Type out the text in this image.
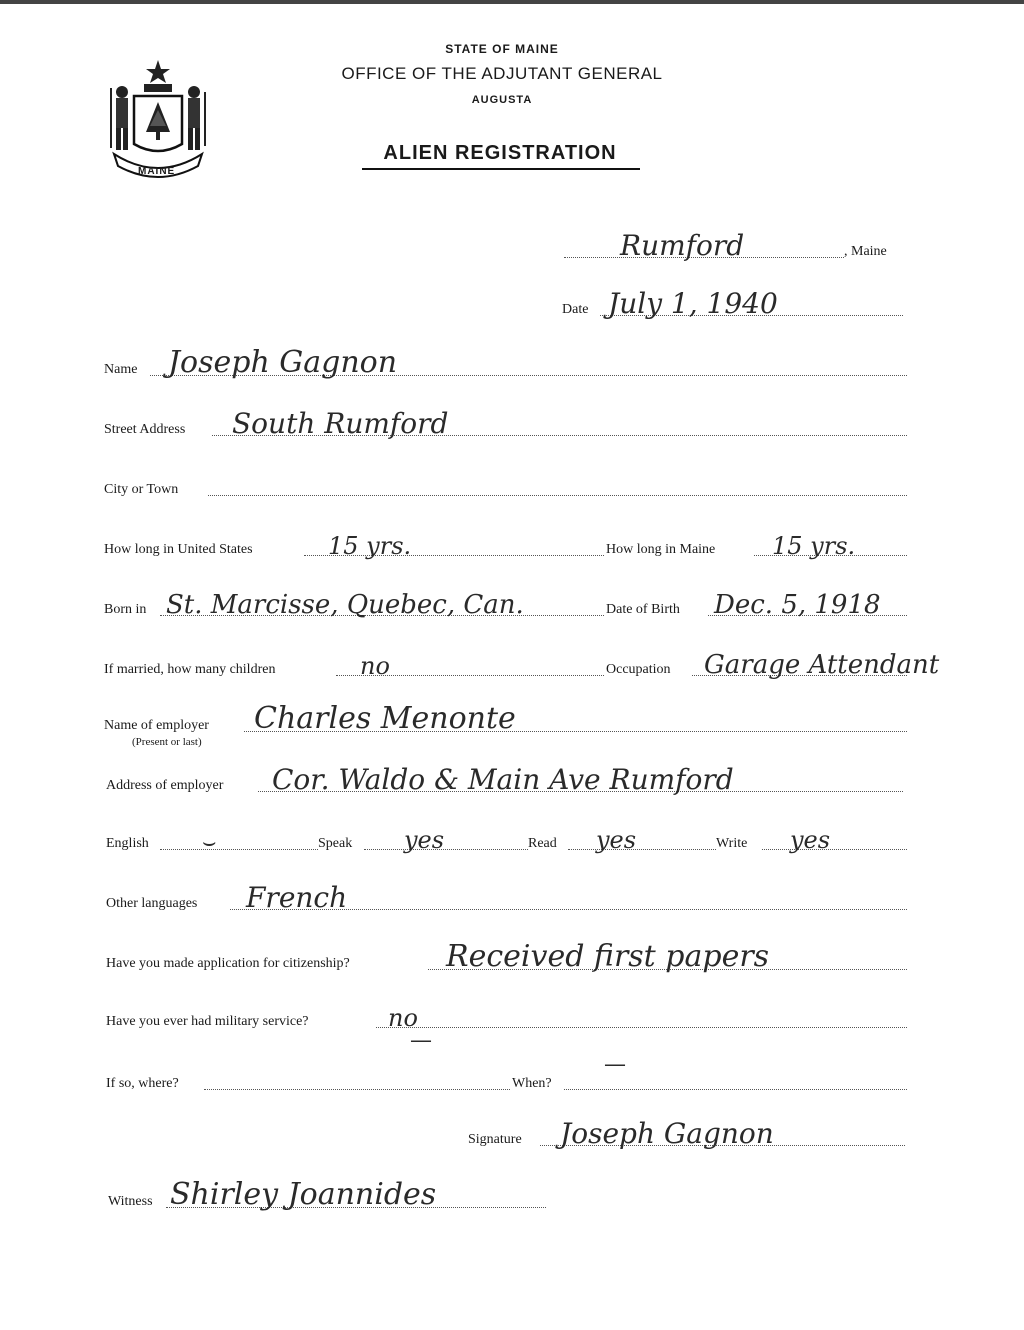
MAINE
STATE OF MAINE
OFFICE OF THE ADJUTANT GENERAL
AUGUSTA
ALIEN REGISTRATION
Rumford	, Maine
Date July 1, 1940
Name Joseph Gagnon
Street Address South Rumford
City or Town
How long in United States	15 yrs.	How long in Maine 15 yrs.
Born in St. Marcisse, Quebec, Can.	Date of Birth Dec. 5, 1918
If married, how many children	no	Occupation Garage Attendant
Name of employer Charles Menonte
(Present or last)
Address of employer Cor. Waldo & Main Ave Rumford
English ⌣	Speak yes	Read yes	Write yes
Other languages French
Have you made application for citizenship?	Received first papers
Have you ever had military service?	no
—
—
If so, where?	When?
Signature Joseph Gagnon
Witness Shirley Joannides
